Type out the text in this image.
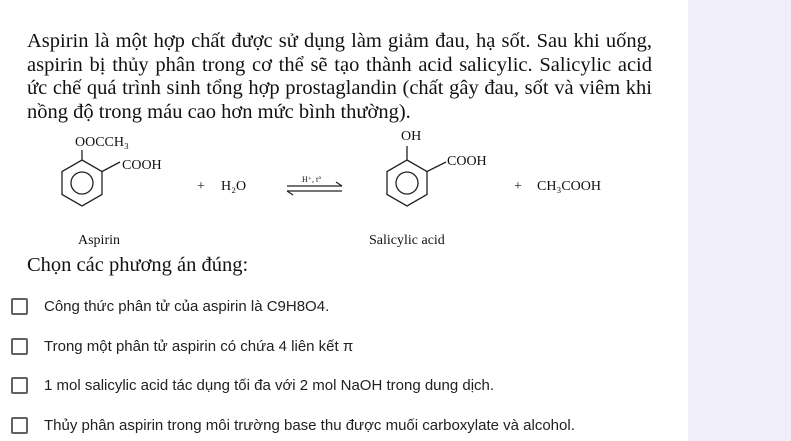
Aspirin là một hợp chất được sử dụng làm giảm đau, hạ sốt. Sau khi uống, aspirin bị thủy phân trong cơ thể sẽ tạo thành acid salicylic. Salicylic acid ức chế quá trình sinh tổng hợp prostaglandin (chất gây đau, sốt và viêm khi nồng độ trong máu cao hơn mức bình thường).
OOCCH₃
COOH
+ H₂O	H⁺, t°
OH
COOH
+ CH₃COOH
Aspirin	Salicylic acid
Chọn các phương án đúng:
Công thức phân tử của aspirin là C9H8O4.
Trong một phân tử aspirin có chứa 4 liên kết π
1 mol salicylic acid tác dụng tối đa với 2 mol NaOH trong dung dịch.
Thủy phân aspirin trong môi trường base thu được muối carboxylate và alcohol.
